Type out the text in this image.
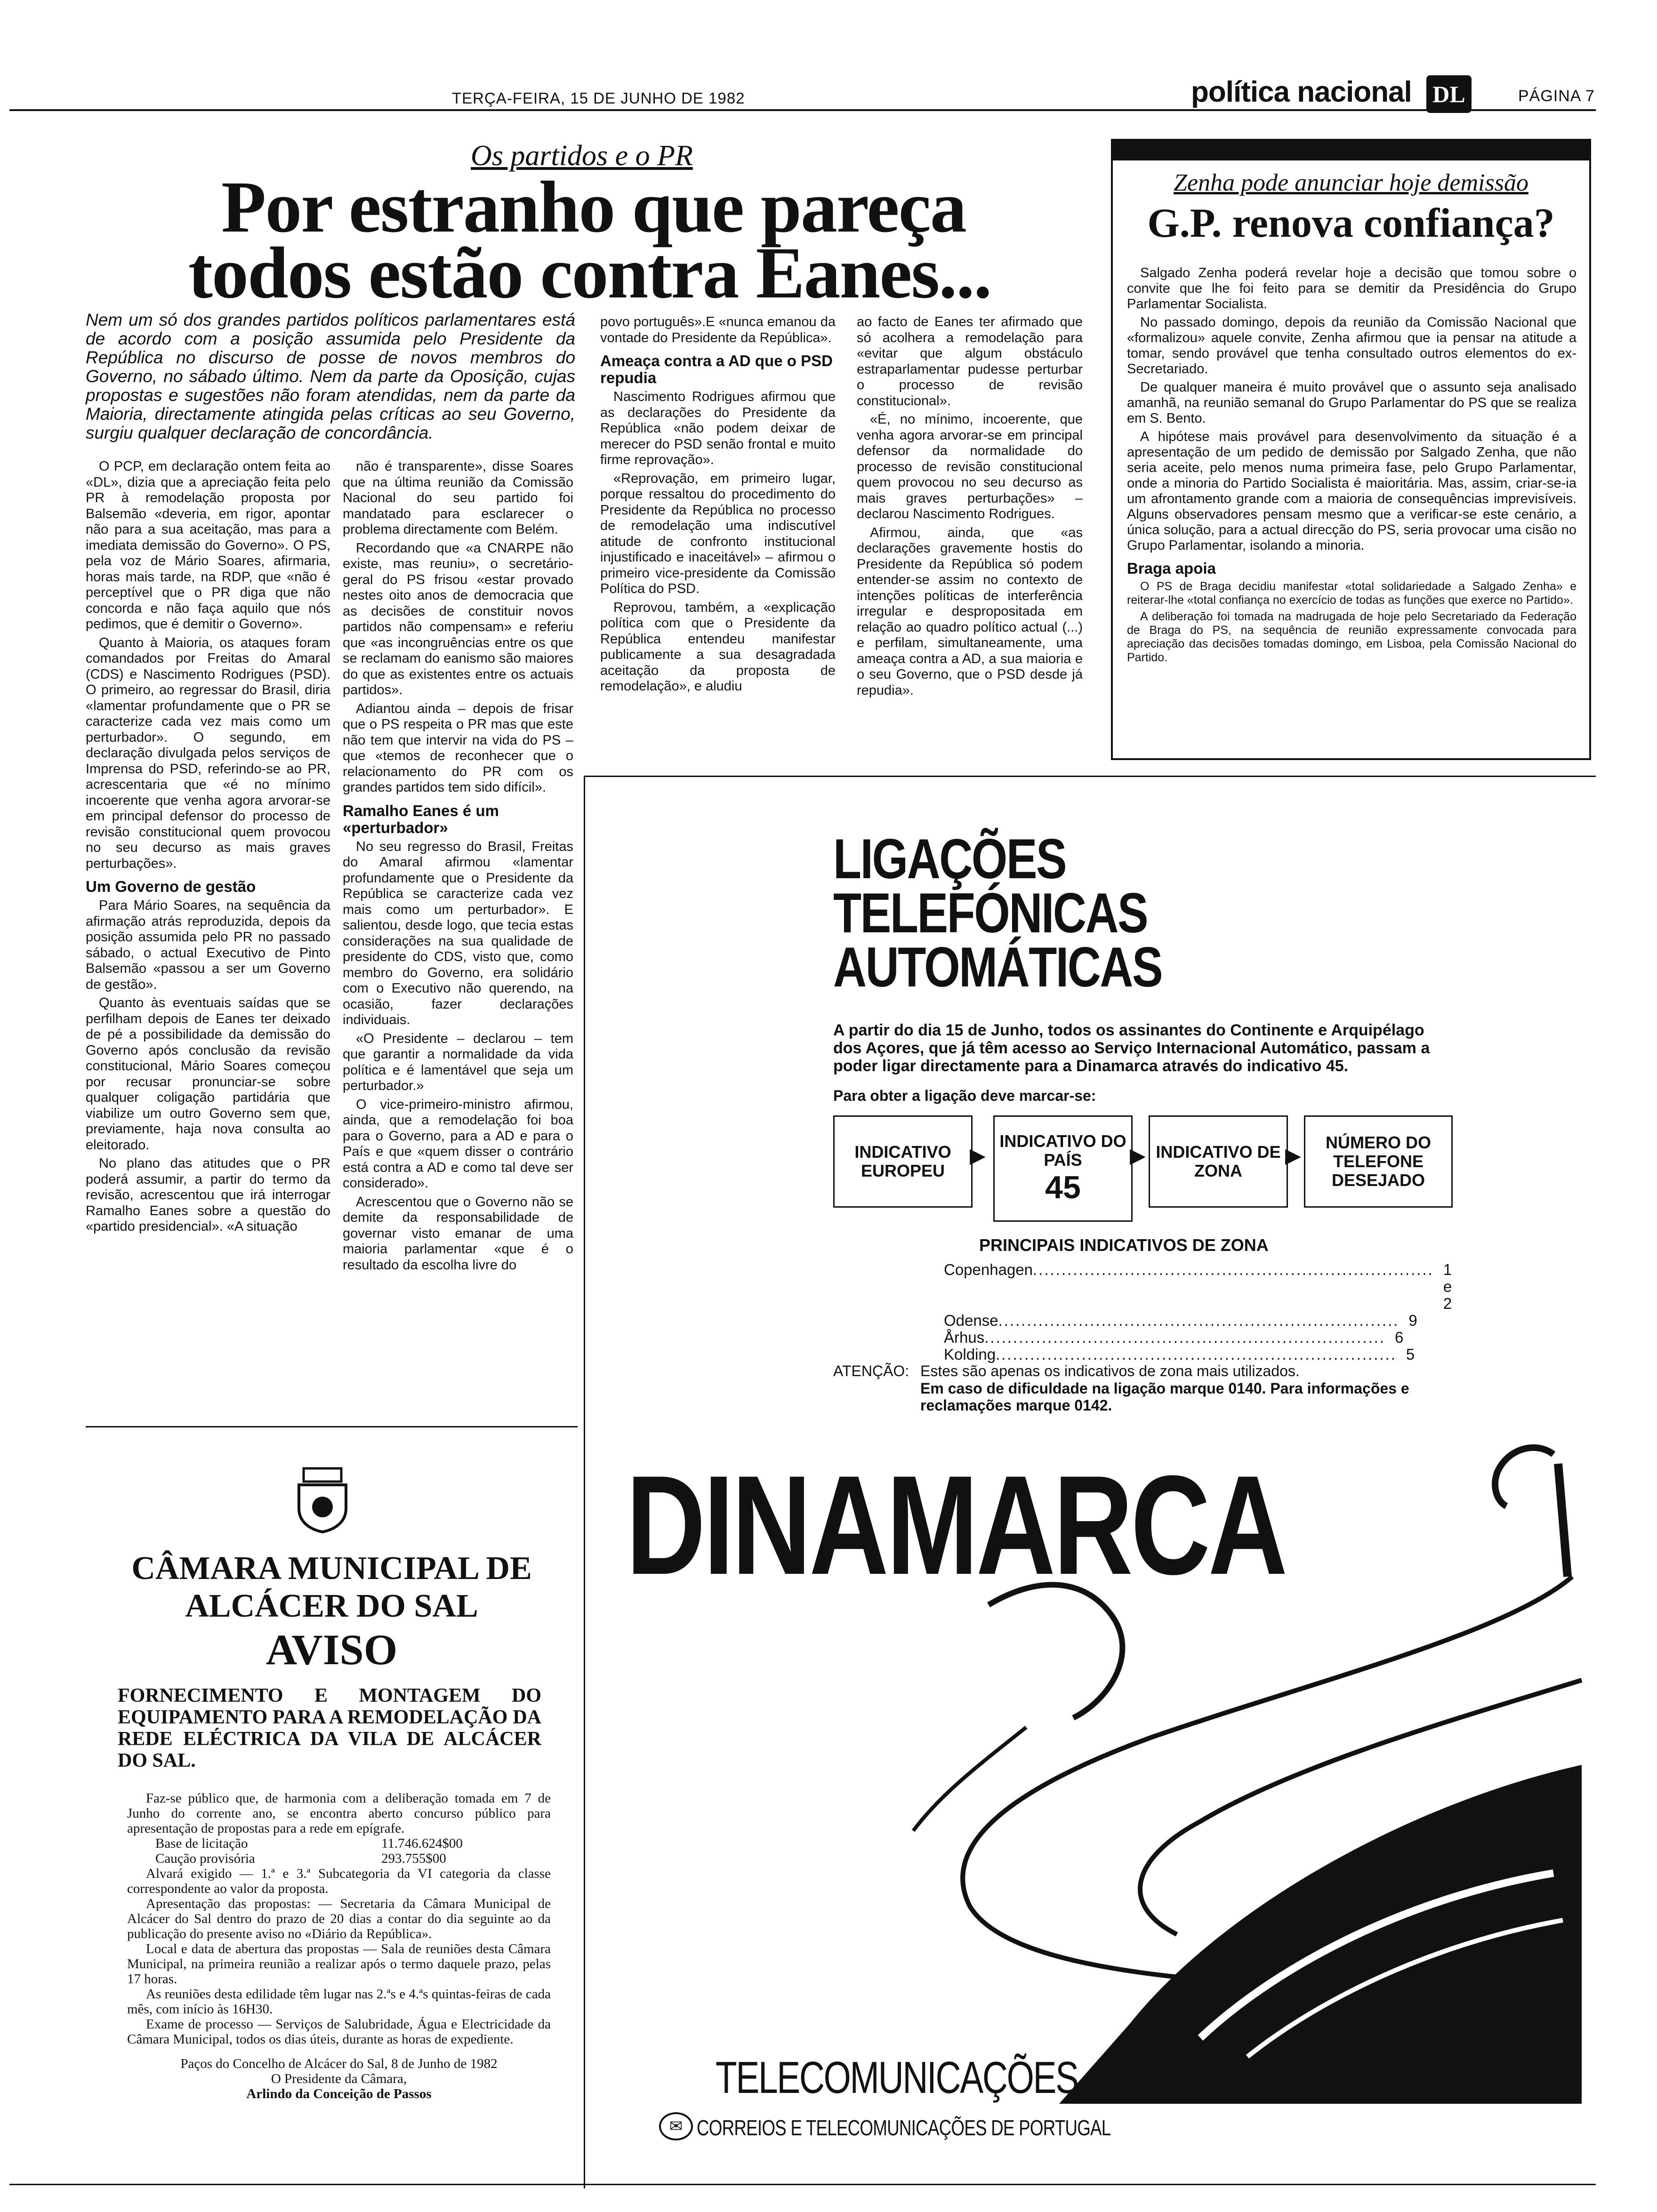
TERÇA-FEIRA, 15 DE JUNHO DE 1982	política nacional DL	PÁGINA 7
Os partidos e o PR
Por estranho que pareça
todos estão contra Eanes...
Nem um só dos grandes partidos políticos parlamentares está de acordo com a posição assumida pelo Presidente da República no discurso de posse de novos membros do Governo, no sábado último. Nem da parte da Oposição, cujas propostas e sugestões não foram atendidas, nem da parte da Maioria, directamente atingida pelas críticas ao seu Governo, surgiu qualquer declaração de concordância.

O PCP, em declaração ontem feita ao «DL», dizia que a apreciação feita pelo PR à remodelação proposta por Balsemão «deveria, em rigor, apontar não para a sua aceitação, mas para a imediata demissão do Governo». O PS, pela voz de Mário Soares, afirmaria, horas mais tarde, na RDP, que «não é perceptível que o PR diga que não concorda e não faça aquilo que nós pedimos, que é demitir o Governo».

Quanto à Maioria, os ataques foram comandados por Freitas do Amaral (CDS) e Nascimento Rodrigues (PSD). O primeiro, ao regressar do Brasil, diria «lamentar profundamente que o PR se caracterize cada vez mais como um perturbador». O segundo, em declaração divulgada pelos serviços de Imprensa do PSD, referindo-se ao PR, acrescentaria que «é no mínimo incoerente que venha agora arvorar-se em principal defensor do processo de revisão constitucional quem provocou no seu decurso as mais graves perturbações».

Um Governo de gestão

Para Mário Soares, na sequência da afirmação atrás reproduzida, depois da posição assumida pelo PR no passado sábado, o actual Executivo de Pinto Balsemão «passou a ser um Governo de gestão».

Quanto às eventuais saídas que se perfilham depois de Eanes ter deixado de pé a possibilidade da demissão do Governo após conclusão da revisão constitucional, Mário Soares começou por recusar pronunciar-se sobre qualquer coligação partidária que viabilize um outro Governo sem que, previamente, haja nova consulta ao eleitorado.

No plano das atitudes que o PR poderá assumir, a partir do termo da revisão, acrescentou que irá interrogar Ramalho Eanes sobre a questão do «partido presidencial». «A situação

não é transparente», disse Soares que na última reunião da Comissão Nacional do seu partido foi mandatado para esclarecer o problema directamente com Belém.

Recordando que «a CNARPE não existe, mas reuniu», o secretário-geral do PS frisou «estar provado nestes oito anos de democracia que as decisões de constituir novos partidos não compensam» e referiu que «as incongruências entre os que se reclamam do eanismo são maiores do que as existentes entre os actuais partidos».

Adiantou ainda – depois de frisar que o PS respeita o PR mas que este não tem que intervir na vida do PS – que «temos de reconhecer que o relacionamento do PR com os grandes partidos tem sido difícil».

Ramalho Eanes é um «perturbador»

No seu regresso do Brasil, Freitas do Amaral afirmou «lamentar profundamente que o Presidente da República se caracterize cada vez mais como um perturbador». E salientou, desde logo, que tecia estas considerações na sua qualidade de presidente do CDS, visto que, como membro do Governo, era solidário com o Executivo não querendo, na ocasião, fazer declarações individuais.

«O Presidente – declarou – tem que garantir a normalidade da vida política e é lamentável que seja um perturbador.»

O vice-primeiro-ministro afirmou, ainda, que a remodelação foi boa para o Governo, para a AD e para o País e que «quem disser o contrário está contra a AD e como tal deve ser considerado».

Acrescentou que o Governo não se demite da responsabilidade de governar visto emanar de uma maioria parlamentar «que é o resultado da escolha livre do

povo português».E «nunca emanou da vontade do Presidente da República».

Ameaça contra a AD que o PSD repudia

Nascimento Rodrigues afirmou que as declarações do Presidente da República «não podem deixar de merecer do PSD senão frontal e muito firme reprovação».

«Reprovação, em primeiro lugar, porque ressaltou do procedimento do Presidente da República no processo de remodelação uma indiscutível atitude de confronto institucional injustificado e inaceitável» – afirmou o primeiro vice-presidente da Comissão Política do PSD.

Reprovou, também, a «explicação política com que o Presidente da República entendeu manifestar publicamente a sua desagradada aceitação da proposta de remodelação», e aludiu

ao facto de Eanes ter afirmado que só acolhera a remodelação para «evitar que algum obstáculo estraparlamentar pudesse perturbar o processo de revisão constitucional».

«É, no mínimo, incoerente, que venha agora arvorar-se em principal defensor da normalidade do processo de revisão constitucional quem provocou no seu decurso as mais graves perturbações» – declarou Nascimento Rodrigues.

Afirmou, ainda, que «as declarações gravemente hostis do Presidente da República só podem entender-se assim no contexto de intenções políticas de interferência irregular e despropositada em relação ao quadro político actual (...) e perfilam, simultaneamente, uma ameaça contra a AD, a sua maioria e o seu Governo, que o PSD desde já repudia».

Zenha pode anunciar hoje demissão
G.P. renova confiança?

Salgado Zenha poderá revelar hoje a decisão que tomou sobre o convite que lhe foi feito para se demitir da Presidência do Grupo Parlamentar Socialista.

No passado domingo, depois da reunião da Comissão Nacional que «formalizou» aquele convite, Zenha afirmou que ia pensar na atitude a tomar, sendo provável que tenha consultado outros elementos do ex-Secretariado.

De qualquer maneira é muito provável que o assunto seja analisado amanhã, na reunião semanal do Grupo Parlamentar do PS que se realiza em S. Bento.

A hipótese mais provável para desenvolvimento da situação é a apresentação de um pedido de demissão por Salgado Zenha, que não seria aceite, pelo menos numa primeira fase, pelo Grupo Parlamentar, onde a minoria do Partido Socialista é maioritária. Mas, assim, criar-se-ia um afrontamento grande com a maioria de consequências imprevisíveis. Alguns observadores pensam mesmo que a verificar-se este cenário, a única solução, para a actual direcção do PS, seria provocar uma cisão no Grupo Parlamentar, isolando a minoria.

Braga apoia

O PS de Braga decidiu manifestar «total solidariedade a Salgado Zenha» e reiterar-lhe «total confiança no exercício de todas as funções que exerce no Partido».

A deliberação foi tomada na madrugada de hoje pelo Secretariado da Federação de Braga do PS, na sequência de reunião expressamente convocada para apreciação das decisões tomadas domingo, em Lisboa, pela Comissão Nacional do Partido.

LIGAÇÕES
TELEFÓNICAS
AUTOMÁTICAS
A partir do dia 15 de Junho, todos os assinantes do Continente e Arquipélago dos Açores, que já têm acesso ao Serviço Internacional Automático, passam a poder ligar directamente para a Dinamarca através do indicativo 45.
Para obter a ligação deve marcar-se:
INDICATIVO EUROPEU
▶
INDICATIVO DO PAÍS
45
▶ INDICATIVO DE ZONA
▶
NÚMERO DO TELEFONE DESEJADO
PRINCIPAIS INDICATIVOS DE ZONA
Copenhagen ...................................................................... 1 e 2
Odense ...................................................................... 9
Århus ...................................................................... 6
Kolding ...................................................................... 5
ATENÇÃO: Estes são apenas os indicativos de zona mais utilizados.
Em caso de dificuldade na ligação marque 0140. Para informações e reclamações marque 0142.
DINAMARCA
TELECOMUNICAÇÕES
✉ CORREIOS E TELECOMUNICAÇÕES DE PORTUGAL
CÂMARA MUNICIPAL DE
ALCÁCER DO SAL
AVISO
FORNECIMENTO E MONTAGEM DO EQUIPAMENTO PARA A REMODELAÇÃO DA REDE ELÉCTRICA DA VILA DE ALCÁCER DO SAL.
Faz-se público que, de harmonia com a deliberação tomada em 7 de Junho do corrente ano, se encontra aberto concurso público para apresentação de propostas para a rede em epígrafe.
Base de licitação	11.746.624$00
Caução provisória	293.755$00
Alvará exigido — 1.ª e 3.ª Subcategoria da VI categoria da classe correspondente ao valor da proposta.
Apresentação das propostas: — Secretaria da Câmara Municipal de Alcácer do Sal dentro do prazo de 20 dias a contar do dia seguinte ao da publicação do presente aviso no «Diário da República».
Local e data de abertura das propostas — Sala de reuniões desta Câmara Municipal, na primeira reunião a realizar após o termo daquele prazo, pelas 17 horas.
As reuniões desta edilidade têm lugar nas 2.ªs e 4.ªs quintas-feiras de cada mês, com início às 16H30.
Exame de processo — Serviços de Salubridade, Água e Electricidade da Câmara Municipal, todos os dias úteis, durante as horas de expediente.
Paços do Concelho de Alcácer do Sal, 8 de Junho de 1982
O Presidente da Câmara,
Arlindo da Conceição de Passos
